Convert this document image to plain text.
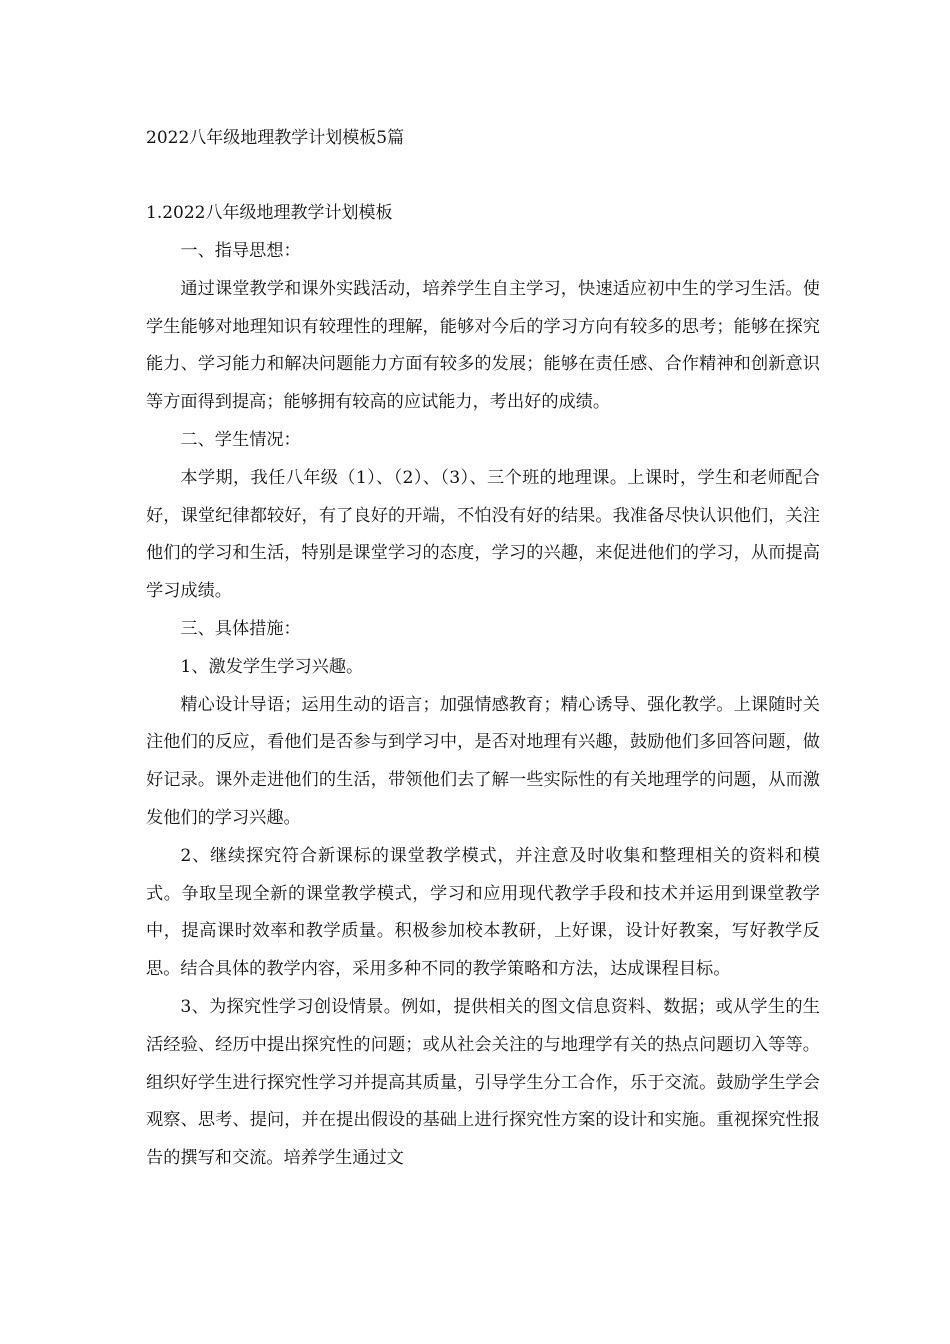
2022八年级地理教学计划模板5篇
1.2022八年级地理教学计划模板

一、指导思想：

通过课堂教学和课外实践活动，培养学生自主学习，快速适应初中生的学习生活。使学生能够对地理知识有较理性的理解，能够对今后的学习方向有较多的思考；能够在探究能力、学习能力和解决问题能力方面有较多的发展；能够在责任感、合作精神和创新意识等方面得到提高；能够拥有较高的应试能力，考出好的成绩。

二、学生情况：

本学期，我任八年级（1）、（2）、（3）、三个班的地理课。上课时，学生和老师配合好，课堂纪律都较好，有了良好的开端，不怕没有好的结果。我准备尽快认识他们，关注他们的学习和生活，特别是课堂学习的态度，学习的兴趣，来促进他们的学习，从而提高学习成绩。

三、具体措施：

1、激发学生学习兴趣。

精心设计导语；运用生动的语言；加强情感教育；精心诱导、强化教学。上课随时关注他们的反应，看他们是否参与到学习中，是否对地理有兴趣，鼓励他们多回答问题，做好记录。课外走进他们的生活，带领他们去了解一些实际性的有关地理学的问题，从而激发他们的学习兴趣。

2、继续探究符合新课标的课堂教学模式，并注意及时收集和整理相关的资料和模式。争取呈现全新的课堂教学模式，学习和应用现代教学手段和技术并运用到课堂教学中，提高课时效率和教学质量。积极参加校本教研，上好课，设计好教案，写好教学反思。结合具体的教学内容，采用多种不同的教学策略和方法，达成课程目标。

3、为探究性学习创设情景。例如，提供相关的图文信息资料、数据；或从学生的生活经验、经历中提出探究性的问题；或从社会关注的与地理学有关的热点问题切入等等。组织好学生进行探究性学习并提高其质量，引导学生分工合作，乐于交流。鼓励学生学会观察、思考、提问，并在提出假设的基础上进行探究性方案的设计和实施。重视探究性报告的撰写和交流。培养学生通过文
